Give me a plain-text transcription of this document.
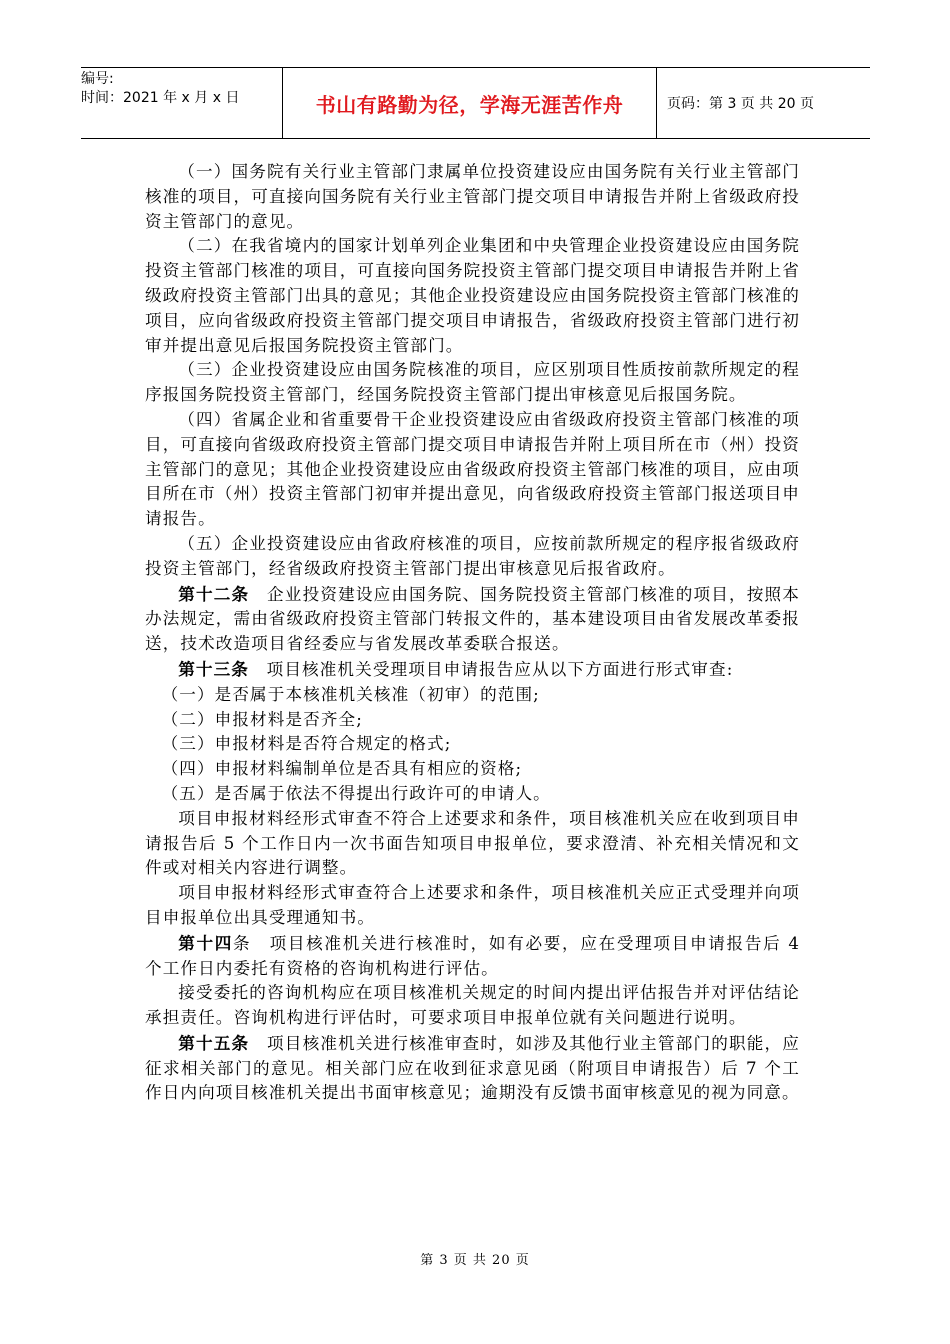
编号:
时间：2021 年 x 月 x 日	书山有路勤为径，学海无涯苦作舟	页码：第 3 页 共 20 页

（一）国务院有关行业主管部门隶属单位投资建设应由国务院有关行业主管部门核准的项目，可直接向国务院有关行业主管部门提交项目申请报告并附上省级政府投资主管部门的意见。

（二）在我省境内的国家计划单列企业集团和中央管理企业投资建设应由国务院投资主管部门核准的项目，可直接向国务院投资主管部门提交项目申请报告并附上省级政府投资主管部门出具的意见；其他企业投资建设应由国务院投资主管部门核准的项目，应向省级政府投资主管部门提交项目申请报告，省级政府投资主管部门进行初审并提出意见后报国务院投资主管部门。

（三）企业投资建设应由国务院核准的项目，应区别项目性质按前款所规定的程序报国务院投资主管部门，经国务院投资主管部门提出审核意见后报国务院。

（四）省属企业和省重要骨干企业投资建设应由省级政府投资主管部门核准的项目，可直接向省级政府投资主管部门提交项目申请报告并附上项目所在市（州）投资主管部门的意见；其他企业投资建设应由省级政府投资主管部门核准的项目，应由项目所在市（州）投资主管部门初审并提出意见，向省级政府投资主管部门报送项目申请报告。

（五）企业投资建设应由省政府核准的项目，应按前款所规定的程序报省级政府投资主管部门，经省级政府投资主管部门提出审核意见后报省政府。

第十二条　企业投资建设应由国务院、国务院投资主管部门核准的项目，按照本办法规定，需由省级政府投资主管部门转报文件的，基本建设项目由省发展改革委报送，技术改造项目省经委应与省发展改革委联合报送。

第十三条　项目核准机关受理项目申请报告应从以下方面进行形式审查:

（一）是否属于本核准机关核准（初审）的范围;

（二）申报材料是否齐全;

（三）申报材料是否符合规定的格式;

（四）申报材料编制单位是否具有相应的资格;

（五）是否属于依法不得提出行政许可的申请人。

项目申报材料经形式审查不符合上述要求和条件，项目核准机关应在收到项目申请报告后 5 个工作日内一次书面告知项目申报单位，要求澄清、补充相关情况和文件或对相关内容进行调整。

项目申报材料经形式审查符合上述要求和条件，项目核准机关应正式受理并向项目申报单位出具受理通知书。

第十四条　项目核准机关进行核准时，如有必要，应在受理项目申请报告后 4 个工作日内委托有资格的咨询机构进行评估。

接受委托的咨询机构应在项目核准机关规定的时间内提出评估报告并对评估结论承担责任。咨询机构进行评估时，可要求项目申报单位就有关问题进行说明。

第十五条　项目核准机关进行核准审查时，如涉及其他行业主管部门的职能，应征求相关部门的意见。相关部门应在收到征求意见函（附项目申请报告）后 7 个工作日内向项目核准机关提出书面审核意见；逾期没有反馈书面审核意见的视为同意。

第 3 页 共 20 页
